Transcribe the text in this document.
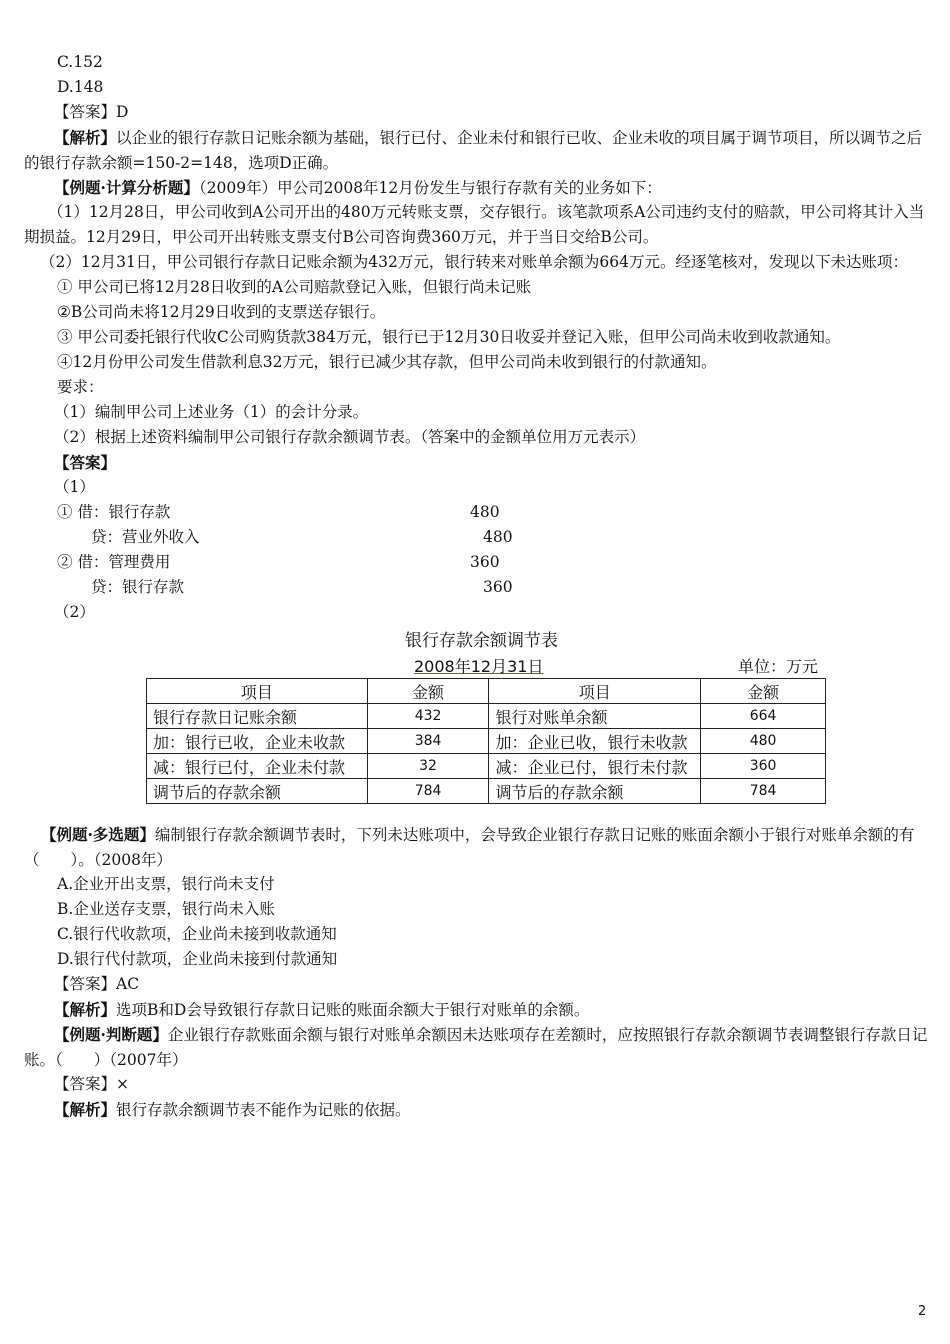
C.152
D.148
【答案】D
【解析】以企业的银行存款日记账余额为基础，银行已付、企业未付和银行已收、企业未收的项目属于调节项目，所以调节之后的银行存款余额=150-2=148，选项D正确。
【例题·计算分析题】（2009年）甲公司2008年12月份发生与银行存款有关的业务如下：
（1）12月28日，甲公司收到A公司开出的480万元转账支票，交存银行。该笔款项系A公司违约支付的赔款，甲公司将其计入当期损益。12月29日，甲公司开出转账支票支付B公司咨询费360万元，并于当日交给B公司。
（2）12月31日，甲公司银行存款日记账余额为432万元，银行转来对账单余额为664万元。经逐笔核对，发现以下未达账项：
① 甲公司已将12月28日收到的A公司赔款登记入账，但银行尚未记账
②B公司尚未将12月29日收到的支票送存银行。
③ 甲公司委托银行代收C公司购货款384万元，银行已于12月30日收妥并登记入账，但甲公司尚未收到收款通知。
④12月份甲公司发生借款利息32万元，银行已减少其存款，但甲公司尚未收到银行的付款通知。
要求：
（1）编制甲公司上述业务（1）的会计分录。
（2）根据上述资料编制甲公司银行存款余额调节表。（答案中的金额单位用万元表示）
【答案】
（1）
① 借：银行存款	480
贷：营业外收入	480
② 借：管理费用	360
贷：银行存款	360
（2）
银行存款余额调节表
2008年12月31日	单位：万元
项目	金额	项目	金额
银行存款日记账余额	432	银行对账单余额	664
加：银行已收，企业未收款	384	加：企业已收，银行未收款	480
减：银行已付，企业未付款	32	减：企业已付，银行未付款	360
调节后的存款余额	784	调节后的存款余额	784
【例题·多选题】编制银行存款余额调节表时，下列未达账项中，会导致企业银行存款日记账的账面余额小于银行对账单余额的有（　　）。（2008年）
A.企业开出支票，银行尚未支付
B.企业送存支票，银行尚未入账
C.银行代收款项，企业尚未接到收款通知
D.银行代付款项，企业尚未接到付款通知
【答案】AC
【解析】选项B和D会导致银行存款日记账的账面余额大于银行对账单的余额。
【例题·判断题】企业银行存款账面余额与银行对账单余额因未达账项存在差额时，应按照银行存款余额调节表调整银行存款日记账。（　　）（2007年）
【答案】×
【解析】银行存款余额调节表不能作为记账的依据。
2
